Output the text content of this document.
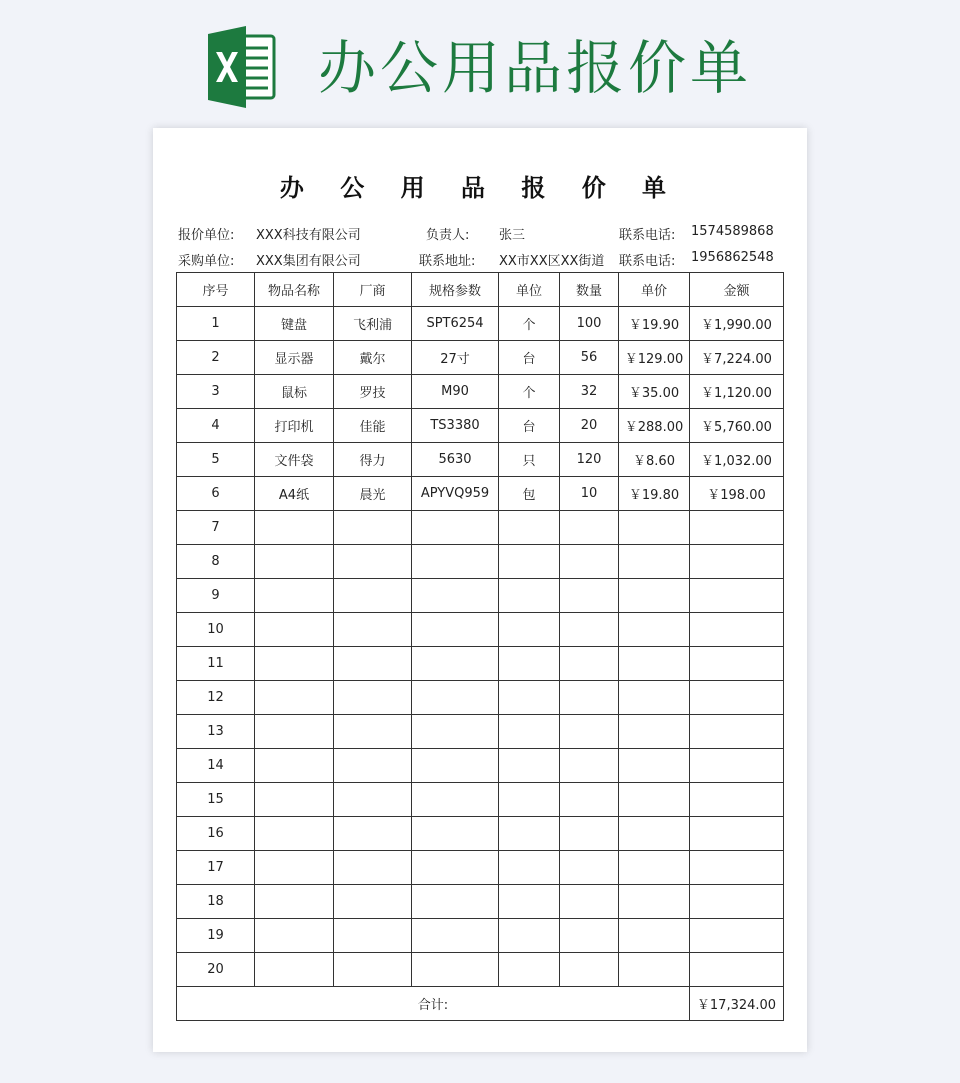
办公用品报价单
办 公 用 品 报 价 单
报价单位: XXX科技有限公司	负责人: 张三	联系电话: 1574589868
采购单位: XXX集团有限公司	联系地址: XX市XX区XX街道 联系电话: 1956862548
序号	物品名称	厂商	规格参数	单位	数量	单价	金额
1	键盘	飞利浦	SPT6254	个	100	￥19.90	￥1,990.00
2	显示器	戴尔	27寸	台	56	￥129.00	￥7,224.00
3	鼠标	罗技	M90	个	32	￥35.00	￥1,120.00
4	打印机	佳能	TS3380	台	20	￥288.00	￥5,760.00
5	文件袋	得力	5630	只	120	￥8.60	￥1,032.00
6	A4纸	晨光	APYVQ959	包	10	￥19.80	￥198.00
7							
8							
9							
10							
11							
12							
13							
14							
15							
16							
17							
18							
19							
20							
合计:							￥17,324.00
